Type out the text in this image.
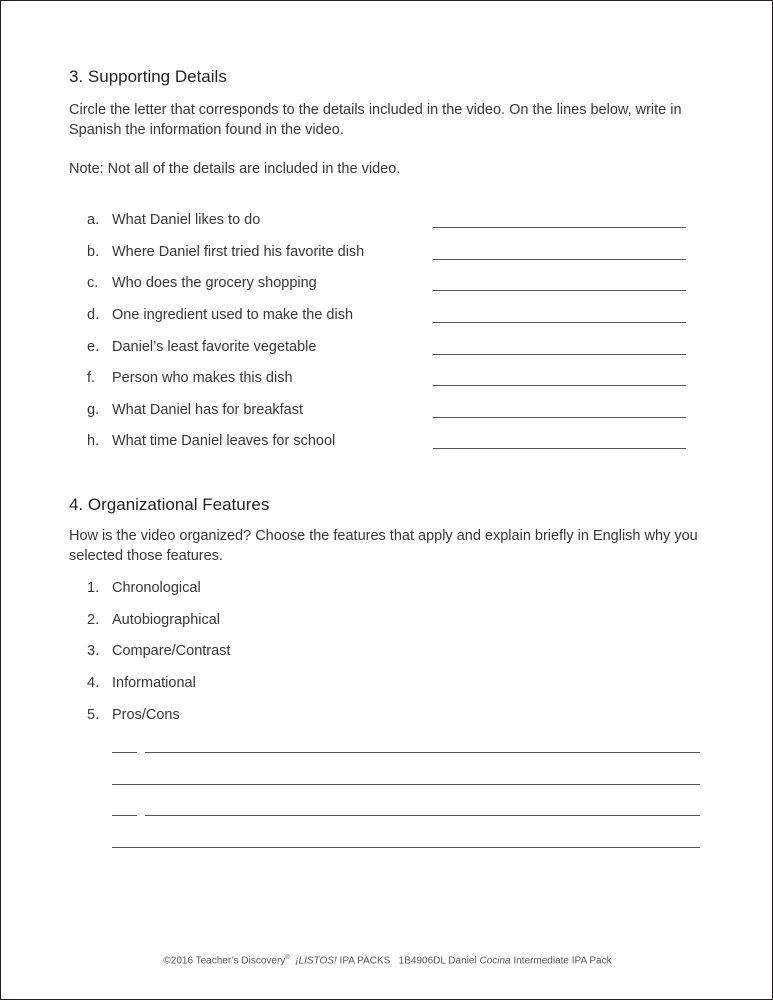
3. Supporting Details
Circle the letter that corresponds to the details included in the video. On the lines below, write in Spanish the information found in the video.
Note: Not all of the details are included in the video.
a. What Daniel likes to do
b. Where Daniel first tried his favorite dish
c. Who does the grocery shopping
d. One ingredient used to make the dish
e. Daniel’s least favorite vegetable
f. Person who makes this dish
g. What Daniel has for breakfast
h. What time Daniel leaves for school
4. Organizational Features
How is the video organized? Choose the features that apply and explain briefly in English why you selected those features.
1. Chronological
2. Autobiographical
3. Compare/Contrast
4. Informational
5. Pros/Cons
©2016 Teacher’s Discovery® ¡LISTOS! IPA PACKS 1B4906DL Daniel Cocina Intermediate IPA Pack
